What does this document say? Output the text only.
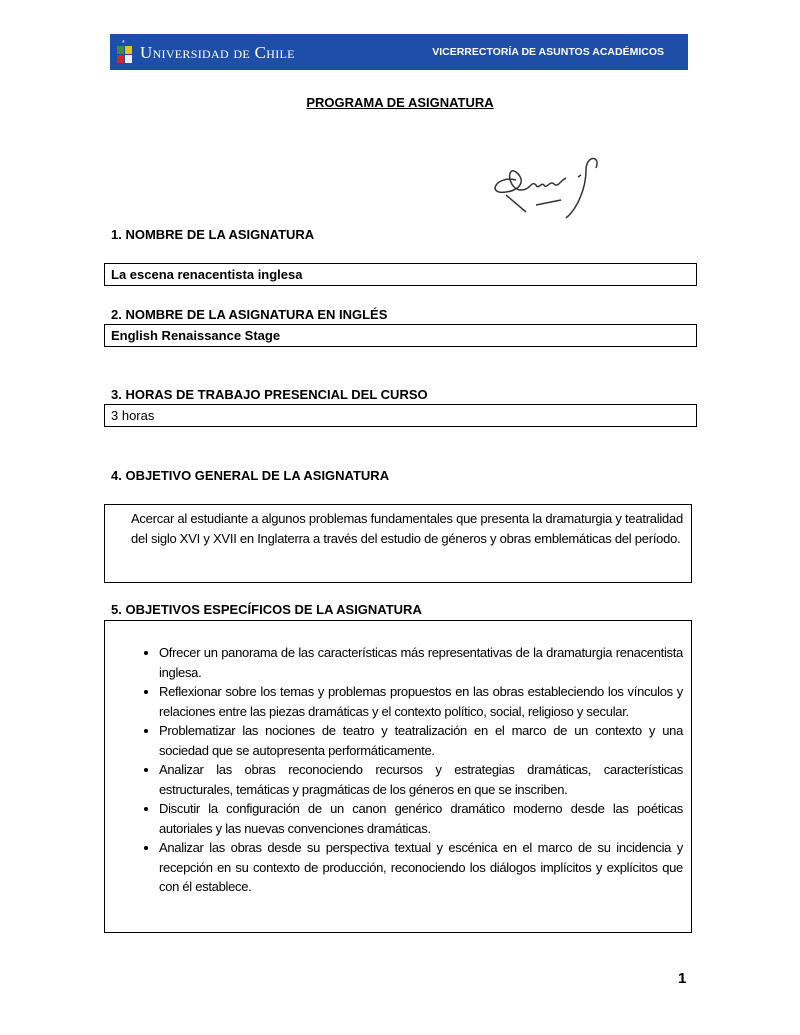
* Universidad de Chile	VICERRECTORÍA DE ASUNTOS ACADÉMICOS
PROGRAMA DE ASIGNATURA
1. NOMBRE DE LA ASIGNATURA
La escena renacentista inglesa
2. NOMBRE DE LA ASIGNATURA EN INGLÉS
English Renaissance Stage
3. HORAS DE TRABAJO PRESENCIAL DEL CURSO
3 horas
4. OBJETIVO GENERAL DE LA ASIGNATURA
Acercar al estudiante a algunos problemas fundamentales que presenta la dramaturgia y teatralidad del siglo XVI y XVII en Inglaterra a través del estudio de géneros y obras emblemáticas del período.
5. OBJETIVOS ESPECÍFICOS DE LA ASIGNATURA
• Ofrecer un panorama de las características más representativas de la dramaturgia renacentista inglesa.
• Reflexionar sobre los temas y problemas propuestos en las obras estableciendo los vínculos y relaciones entre las piezas dramáticas y el contexto político, social, religioso y secular.
• Problematizar las nociones de teatro y teatralización en el marco de un contexto y una sociedad que se autopresenta performáticamente.
• Analizar las obras reconociendo recursos y estrategias dramáticas, características estructurales, temáticas y pragmáticas de los géneros en que se inscriben.
• Discutir la configuración de un canon genérico dramático moderno desde las poéticas autoriales y las nuevas convenciones dramáticas.
• Analizar las obras desde su perspectiva textual y escénica en el marco de su incidencia y recepción en su contexto de producción, reconociendo los diálogos implícitos y explícitos que con él establece.
1
